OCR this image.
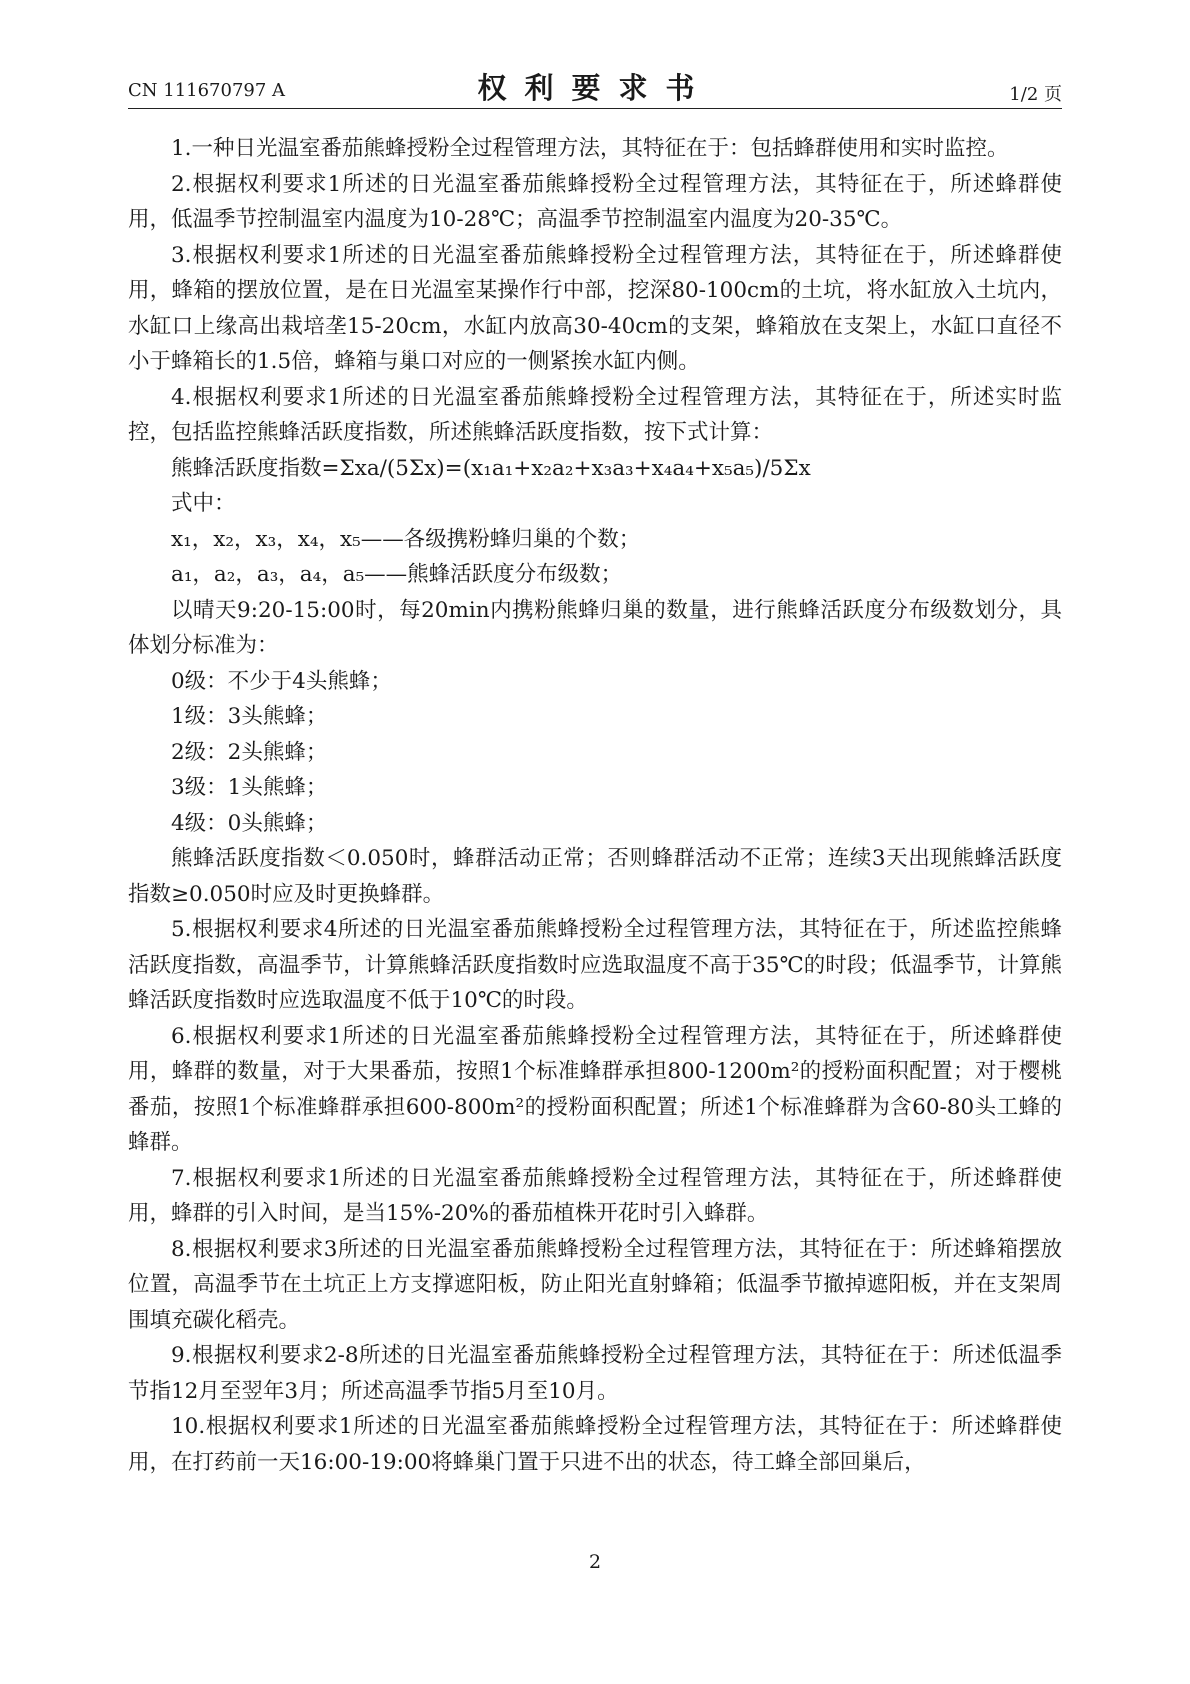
CN 111670797 A	权利要求书	1/2 页

1.一种日光温室番茄熊蜂授粉全过程管理方法，其特征在于：包括蜂群使用和实时监控。

2.根据权利要求1所述的日光温室番茄熊蜂授粉全过程管理方法，其特征在于，所述蜂群使用，低温季节控制温室内温度为10-28℃；高温季节控制温室内温度为20-35℃。

3.根据权利要求1所述的日光温室番茄熊蜂授粉全过程管理方法，其特征在于，所述蜂群使用，蜂箱的摆放位置，是在日光温室某操作行中部，挖深80-100cm的土坑，将水缸放入土坑内，水缸口上缘高出栽培垄15-20cm，水缸内放高30-40cm的支架，蜂箱放在支架上，水缸口直径不小于蜂箱长的1.5倍，蜂箱与巢口对应的一侧紧挨水缸内侧。

4.根据权利要求1所述的日光温室番茄熊蜂授粉全过程管理方法，其特征在于，所述实时监控，包括监控熊蜂活跃度指数，所述熊蜂活跃度指数，按下式计算：

熊蜂活跃度指数=Σxa/(5Σx)=(x₁a₁+x₂a₂+x₃a₃+x₄a₄+x₅a₅)/5Σx

式中：

x₁，x₂，x₃，x₄，x₅——各级携粉蜂归巢的个数；

a₁，a₂，a₃，a₄，a₅——熊蜂活跃度分布级数；

以晴天9:20-15:00时，每20min内携粉熊蜂归巢的数量，进行熊蜂活跃度分布级数划分，具体划分标准为：

0级：不少于4头熊蜂；

1级：3头熊蜂；

2级：2头熊蜂；

3级：1头熊蜂；

4级：0头熊蜂；

熊蜂活跃度指数＜0.050时，蜂群活动正常；否则蜂群活动不正常；连续3天出现熊蜂活跃度指数≥0.050时应及时更换蜂群。

5.根据权利要求4所述的日光温室番茄熊蜂授粉全过程管理方法，其特征在于，所述监控熊蜂活跃度指数，高温季节，计算熊蜂活跃度指数时应选取温度不高于35℃的时段；低温季节，计算熊蜂活跃度指数时应选取温度不低于10℃的时段。

6.根据权利要求1所述的日光温室番茄熊蜂授粉全过程管理方法，其特征在于，所述蜂群使用，蜂群的数量，对于大果番茄，按照1个标准蜂群承担800-1200m²的授粉面积配置；对于樱桃番茄，按照1个标准蜂群承担600-800m²的授粉面积配置；所述1个标准蜂群为含60-80头工蜂的蜂群。

7.根据权利要求1所述的日光温室番茄熊蜂授粉全过程管理方法，其特征在于，所述蜂群使用，蜂群的引入时间，是当15%-20%的番茄植株开花时引入蜂群。

8.根据权利要求3所述的日光温室番茄熊蜂授粉全过程管理方法，其特征在于：所述蜂箱摆放位置，高温季节在土坑正上方支撑遮阳板，防止阳光直射蜂箱；低温季节撤掉遮阳板，并在支架周围填充碳化稻壳。

9.根据权利要求2-8所述的日光温室番茄熊蜂授粉全过程管理方法，其特征在于：所述低温季节指12月至翌年3月；所述高温季节指5月至10月。

10.根据权利要求1所述的日光温室番茄熊蜂授粉全过程管理方法，其特征在于：所述蜂群使用，在打药前一天16:00-19:00将蜂巢门置于只进不出的状态，待工蜂全部回巢后，

2
